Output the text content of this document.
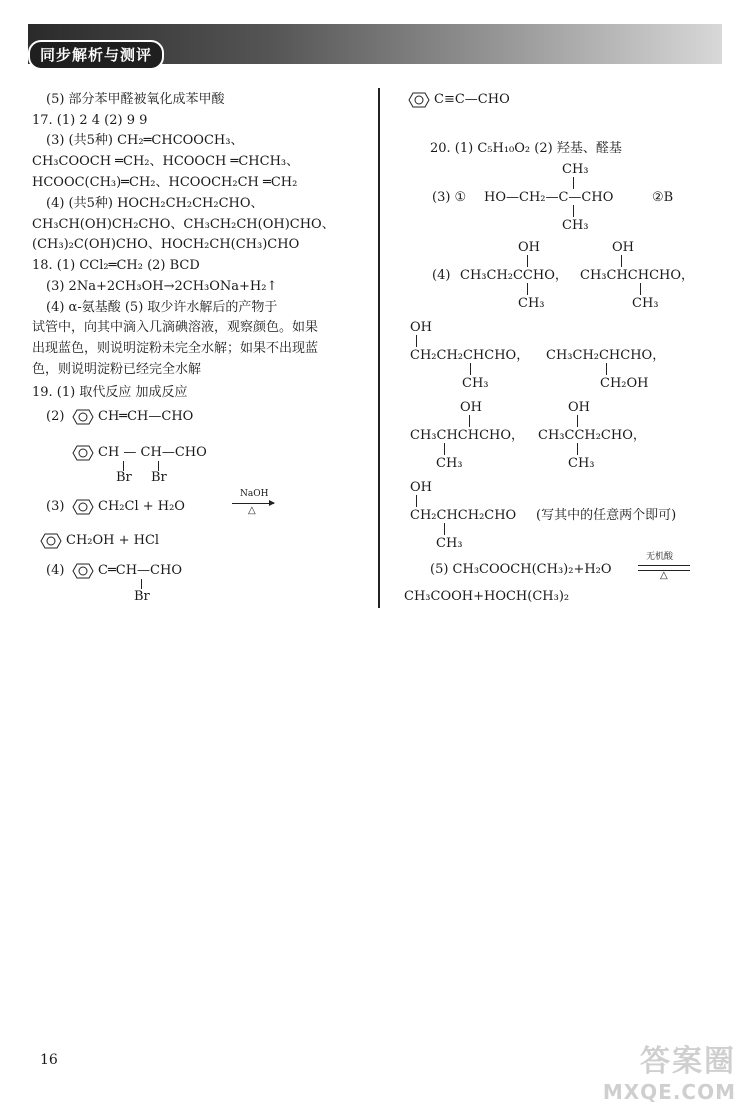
同步解析与测评
(5) 部分苯甲醛被氧化成苯甲酸
17. (1) 2 4 (2) 9 9
(3) (共5种) CH₂═CHCOOCH₃、
CH₃COOCH ═CH₂、HCOOCH ═CHCH₃、
HCOOC(CH₃)═CH₂、HCOOCH₂CH ═CH₂
(4) (共5种) HOCH₂CH₂CH₂CHO、
CH₃CH(OH)CH₂CHO、CH₃CH₂CH(OH)CHO、
(CH₃)₂C(OH)CHO、HOCH₂CH(CH₃)CHO
18. (1) CCl₂═CH₂ (2) BCD
(3) 2Na+2CH₃OH→2CH₃ONa+H₂↑
(4) α-氨基酸 (5) 取少许水解后的产物于
试管中，向其中滴入几滴碘溶液，观察颜色。如果
出现蓝色，则说明淀粉未完全水解；如果不出现蓝
色，则说明淀粉已经完全水解
19. (1) 取代反应 加成反应
(2)	CH═CH—CHO
CH — CH—CHO
Br Br
(3)	CH₂Cl + H₂O
NaOH
△
CH₂OH + HCl
(4)	C═CH—CHO
Br
C≡C—CHO
20. (1) C₅H₁₀O₂ (2) 羟基、醛基
CH₃
(3) ① HO—CH₂—C—CHO	②B
CH₃
OH
(4) CH₃CH₂CCHO，
CH₃
OH
CH₃CHCHCHO，
CH₃
OH
CH₂CH₂CHCHO，
CH₃
CH₃CH₂CHCHO，
CH₂OH
OH
CH₃CHCHCHO，
CH₃
OH
CH₃CCH₂CHO，
CH₃
OH
CH₂CHCH₂CHO (写其中的任意两个即可)
CH₃
(5) CH₃COOCH(CH₃)₂+H₂O
无机酸
△
CH₃COOH+HOCH(CH₃)₂
16	答案圈
MXQE.COM
